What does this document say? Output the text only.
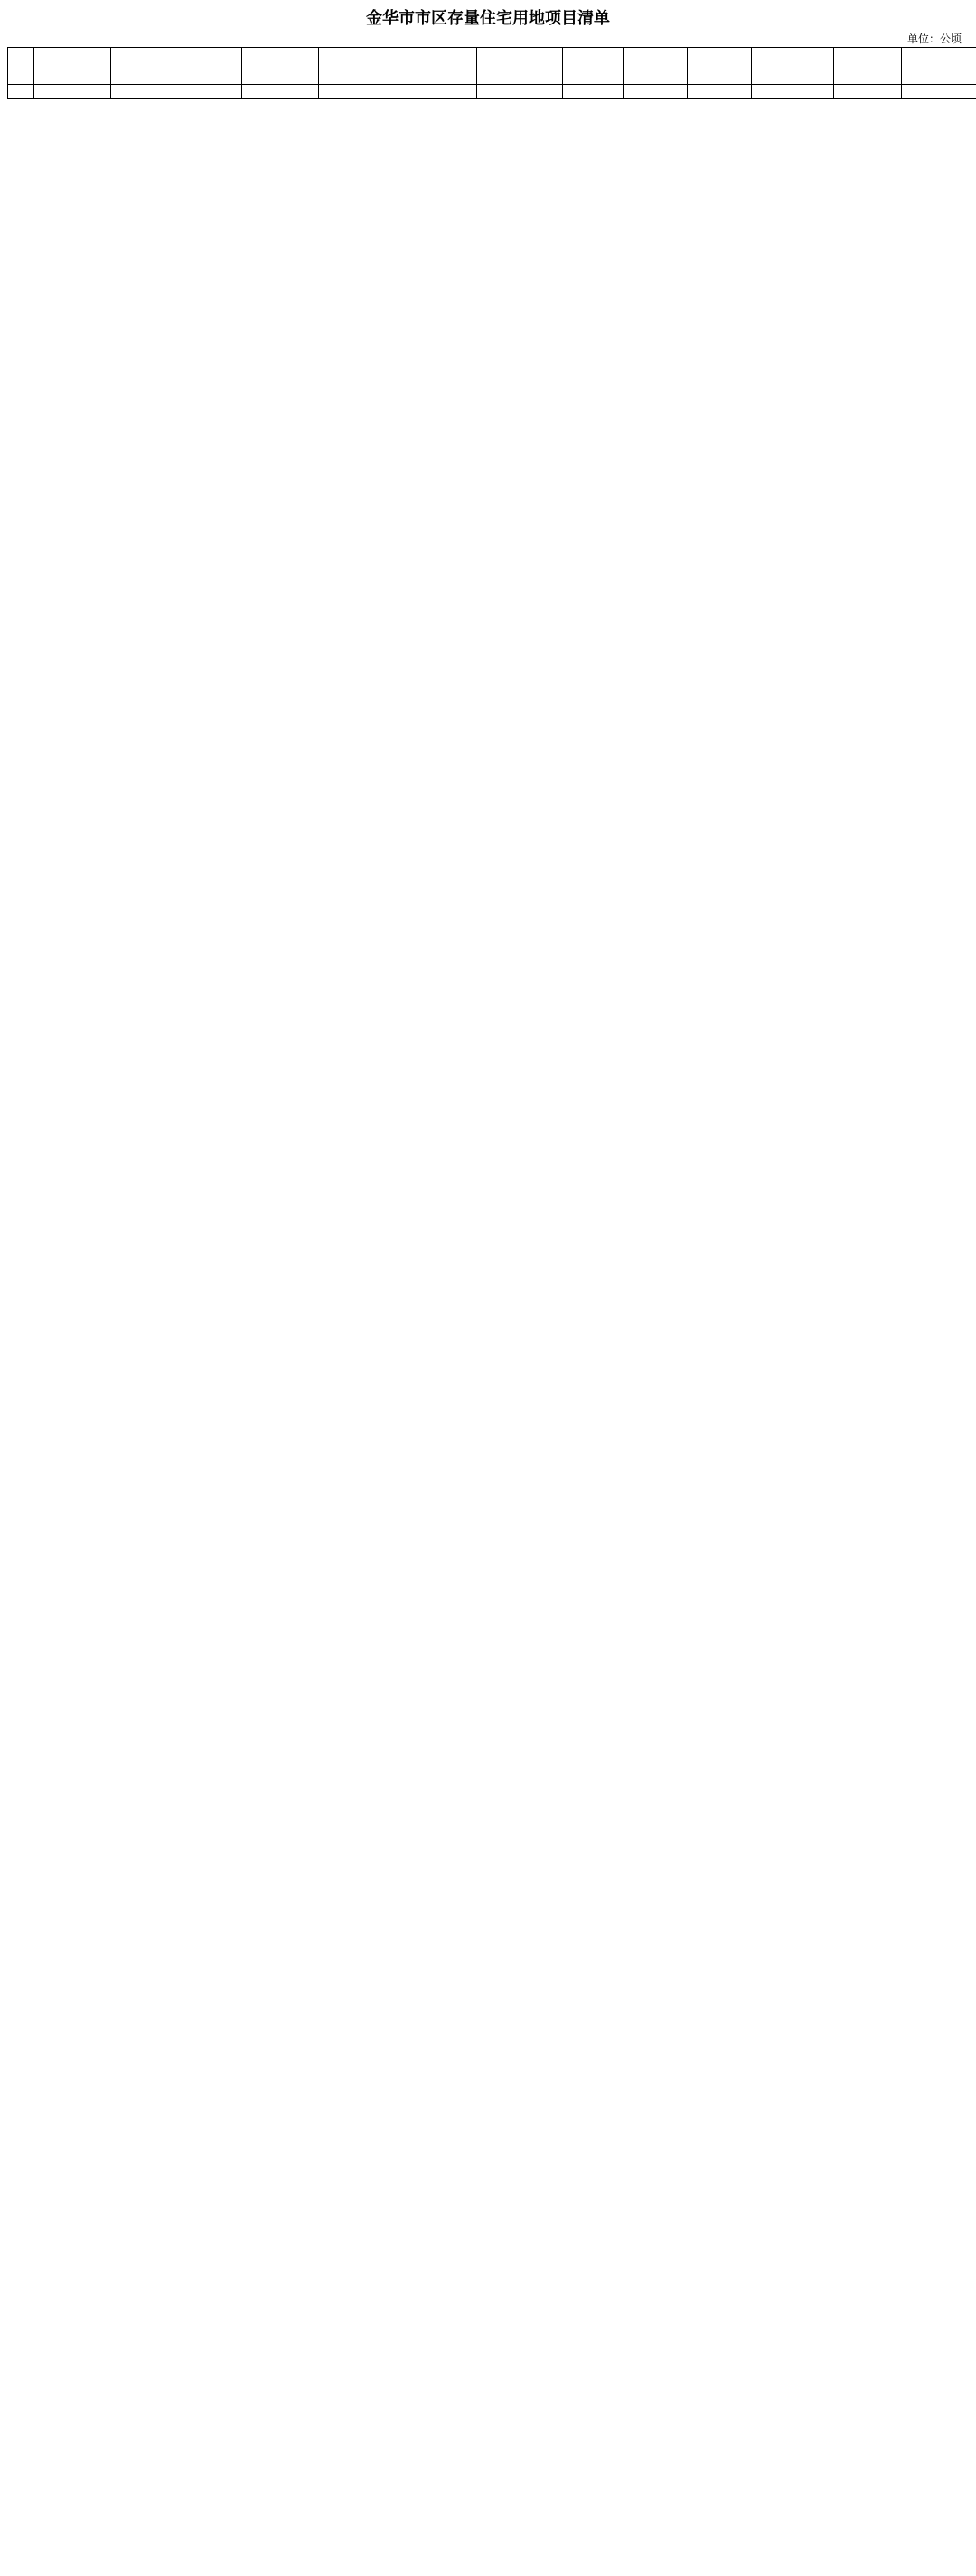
金华市市区存量住宅用地项目清单
单位：公顷
